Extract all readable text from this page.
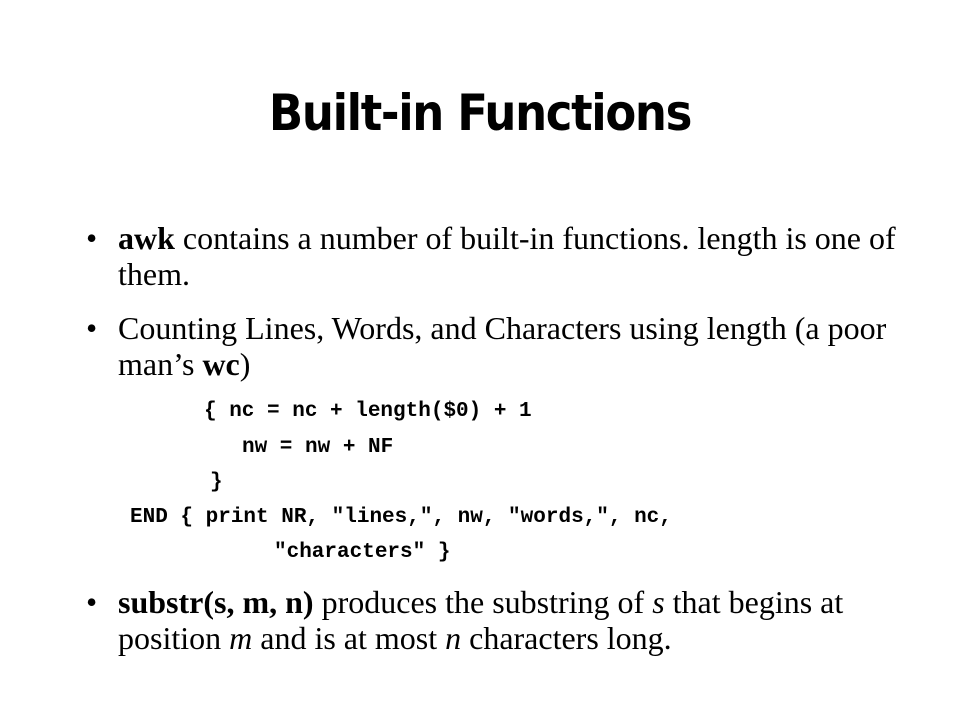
Built-in Functions
• awk contains a number of built-in functions. length is one of them.
• Counting Lines, Words, and Characters using length (a poor man’s wc)
{ nc = nc + length($0) + 1
nw = nw + NF
}
END { print NR, "lines,", nw, "words,", nc,
"characters" }
• substr(s, m, n) produces the substring of s that begins at position m and is at most n characters long.
